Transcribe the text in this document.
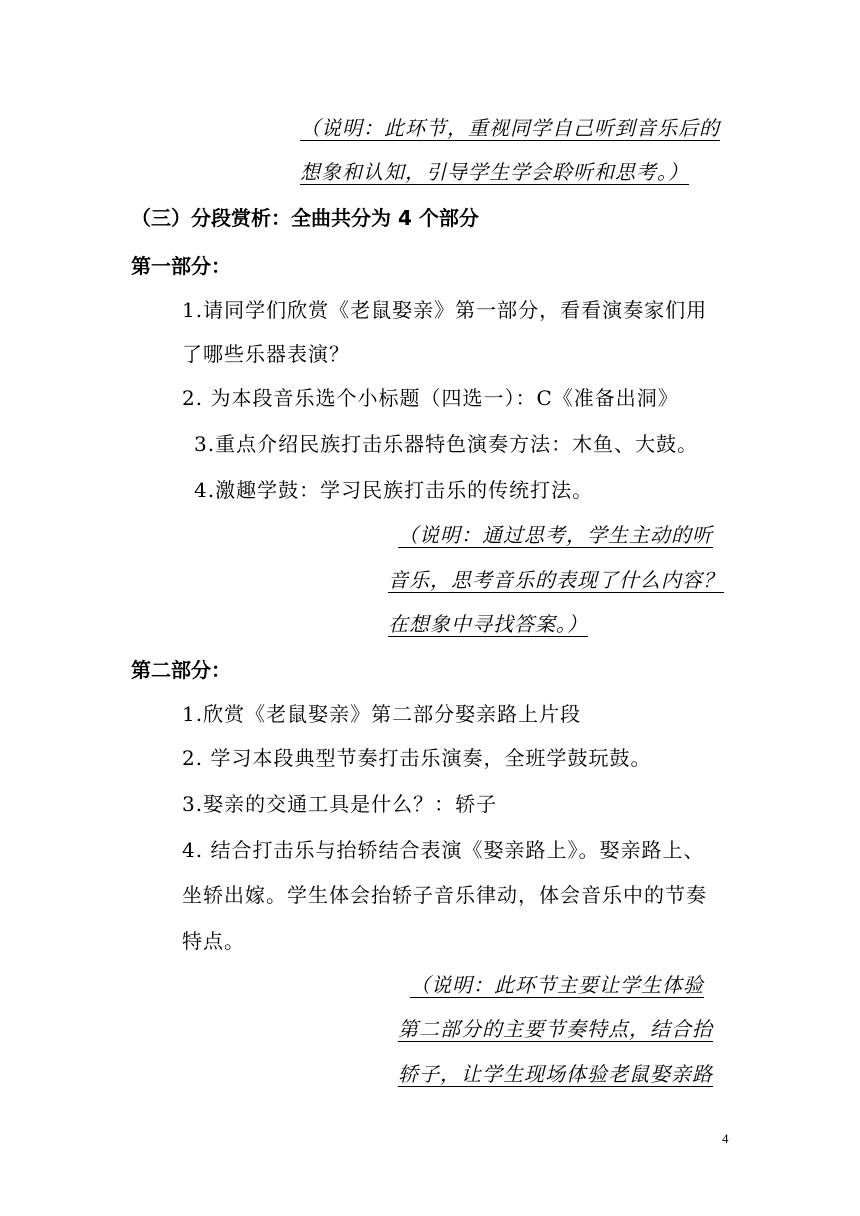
（说明：此环节，重视同学自己听到音乐后的
想象和认知，引导学生学会聆听和思考。）
（三）分段赏析：全曲共分为 4 个部分
第一部分：
1.请同学们欣赏《老鼠娶亲》第一部分，看看演奏家们用
了哪些乐器表演？
2. 为本段音乐选个小标题（四选一）：C《准备出洞》
3.重点介绍民族打击乐器特色演奏方法：木鱼、大鼓。
4.激趣学鼓：学习民族打击乐的传统打法。
（说明：通过思考，学生主动的听
音乐，思考音乐的表现了什么内容？
在想象中寻找答案。）
第二部分：
1.欣赏《老鼠娶亲》第二部分娶亲路上片段
2. 学习本段典型节奏打击乐演奏，全班学鼓玩鼓。
3.娶亲的交通工具是什么？：轿子
4. 结合打击乐与抬轿结合表演《娶亲路上》。娶亲路上、
坐轿出嫁。学生体会抬轿子音乐律动，体会音乐中的节奏
特点。
（说明：此环节主要让学生体验
第二部分的主要节奏特点，结合抬
轿子，让学生现场体验老鼠娶亲路
4
